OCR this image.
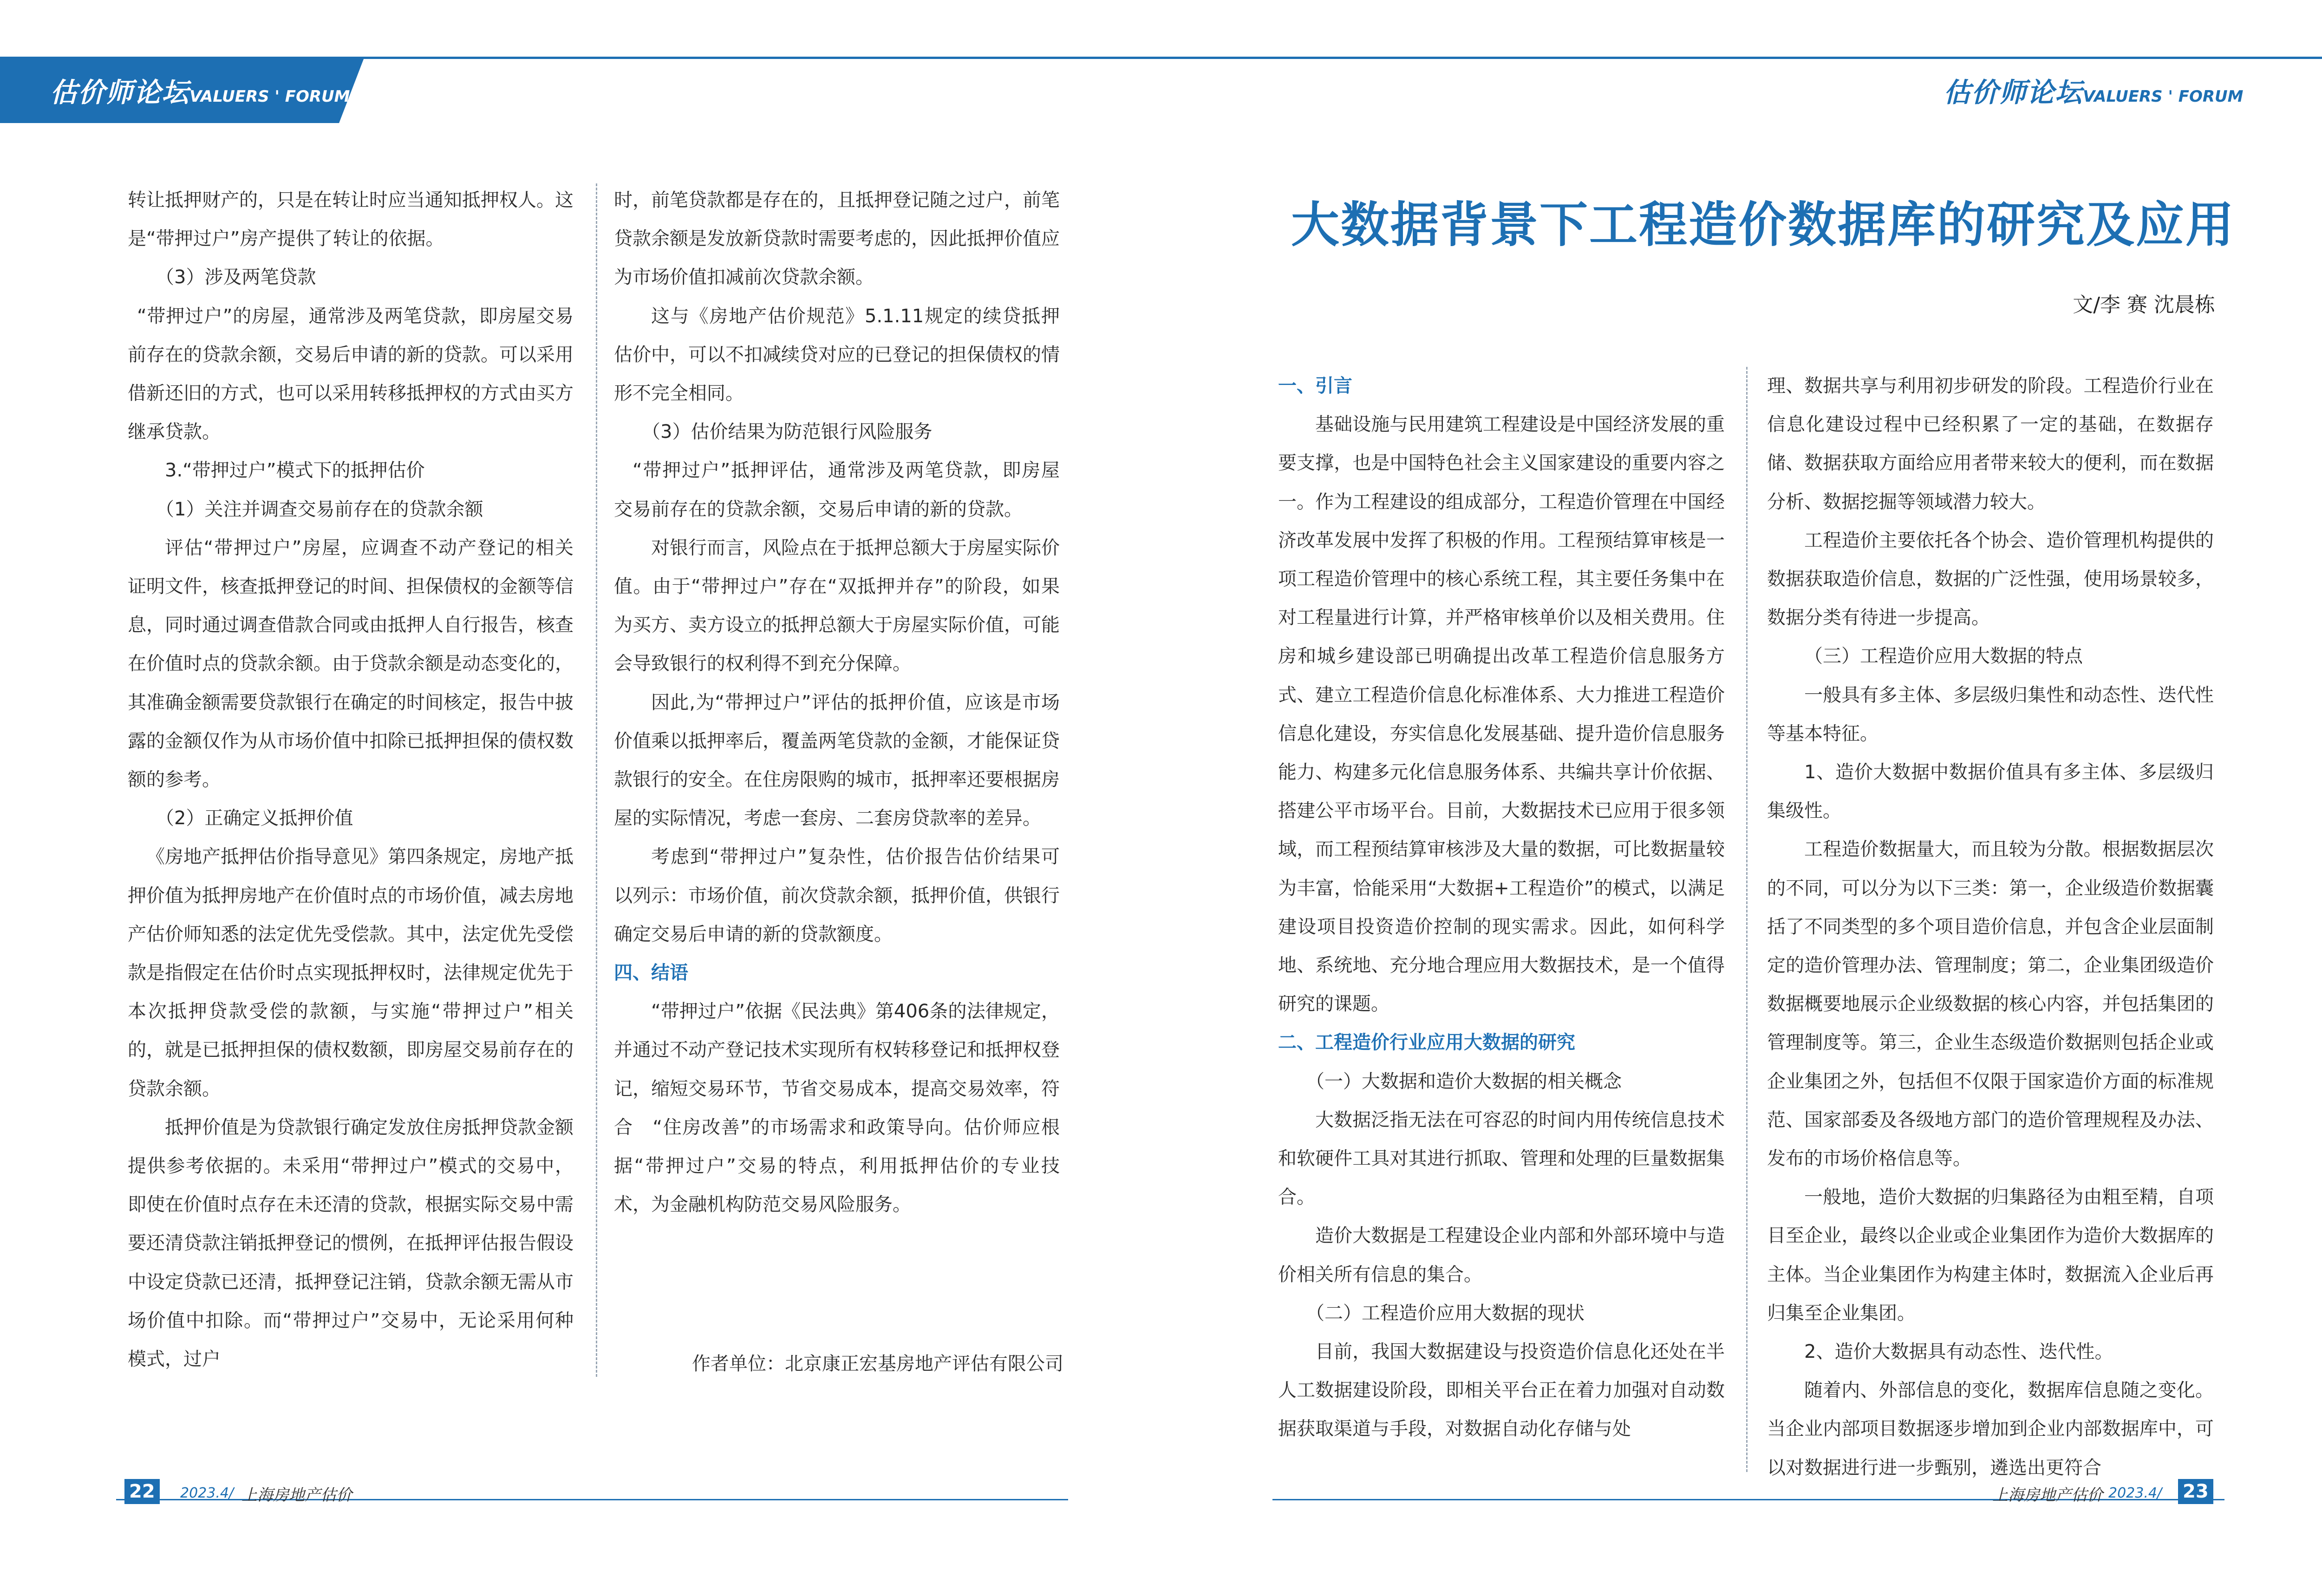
估价师论坛VALUERS ' FORUM	估价师论坛VALUERS ' FORUM

转让抵押财产的，只是在转让时应当通知抵押权人。这是“带押过户”房产提供了转让的依据。

（3）涉及两笔贷款

“带押过户”的房屋，通常涉及两笔贷款，即房屋交易前存在的贷款余额，交易后申请的新的贷款。可以采用借新还旧的方式，也可以采用转移抵押权的方式由买方继承贷款。

3.“带押过户”模式下的抵押估价

（1）关注并调查交易前存在的贷款余额

评估“带押过户”房屋，应调查不动产登记的相关证明文件，核查抵押登记的时间、担保债权的金额等信息，同时通过调查借款合同或由抵押人自行报告，核查在价值时点的贷款余额。由于贷款余额是动态变化的，其准确金额需要贷款银行在确定的时间核定，报告中披露的金额仅作为从市场价值中扣除已抵押担保的债权数额的参考。

（2）正确定义抵押价值

《房地产抵押估价指导意见》第四条规定，房地产抵押价值为抵押房地产在价值时点的市场价值，减去房地产估价师知悉的法定优先受偿款。其中，法定优先受偿款是指假定在估价时点实现抵押权时，法律规定优先于本次抵押贷款受偿的款额，与实施“带押过户”相关的，就是已抵押担保的债权数额，即房屋交易前存在的贷款余额。

抵押价值是为贷款银行确定发放住房抵押贷款金额提供参考依据的。未采用“带押过户”模式的交易中，即使在价值时点存在未还清的贷款，根据实际交易中需要还清贷款注销抵押登记的惯例，在抵押评估报告假设中设定贷款已还清，抵押登记注销，贷款余额无需从市场价值中扣除。而“带押过户”交易中，无论采用何种模式，过户

时，前笔贷款都是存在的，且抵押登记随之过户，前笔贷款余额是发放新贷款时需要考虑的，因此抵押价值应为市场价值扣减前次贷款余额。

这与《房地产估价规范》5.1.11规定的续贷抵押估价中，可以不扣减续贷对应的已登记的担保债权的情形不完全相同。

（3）估价结果为防范银行风险服务

“带押过户”抵押评估，通常涉及两笔贷款，即房屋交易前存在的贷款余额，交易后申请的新的贷款。

对银行而言，风险点在于抵押总额大于房屋实际价值。由于“带押过户”存在“双抵押并存”的阶段，如果为买方、卖方设立的抵押总额大于房屋实际价值，可能会导致银行的权利得不到充分保障。

因此,为“带押过户”评估的抵押价值，应该是市场价值乘以抵押率后，覆盖两笔贷款的金额，才能保证贷款银行的安全。在住房限购的城市，抵押率还要根据房屋的实际情况，考虑一套房、二套房贷款率的差异。

考虑到“带押过户”复杂性，估价报告估价结果可以列示：市场价值，前次贷款余额，抵押价值，供银行确定交易后申请的新的贷款额度。

四、结语

“带押过户”依据《民法典》第406条的法律规定，并通过不动产登记技术实现所有权转移登记和抵押权登记，缩短交易环节，节省交易成本，提高交易效率，符合　“住房改善”的市场需求和政策导向。估价师应根据“带押过户”交易的特点，利用抵押估价的专业技术，为金融机构防范交易风险服务。

作者单位：北京康正宏基房地产评估有限公司
22	2023.4/ 上海房地产估价
大数据背景下工程造价数据库的研究及应用
文/李 赛 沈晨栋

一、引言

基础设施与民用建筑工程建设是中国经济发展的重要支撑，也是中国特色社会主义国家建设的重要内容之一。作为工程建设的组成部分，工程造价管理在中国经济改革发展中发挥了积极的作用。工程预结算审核是一项工程造价管理中的核心系统工程，其主要任务集中在对工程量进行计算，并严格审核单价以及相关费用。住房和城乡建设部已明确提出改革工程造价信息服务方式、建立工程造价信息化标准体系、大力推进工程造价信息化建设，夯实信息化发展基础、提升造价信息服务能力、构建多元化信息服务体系、共编共享计价依据、搭建公平市场平台。目前，大数据技术已应用于很多领域，而工程预结算审核涉及大量的数据，可比数据量较为丰富，恰能采用“大数据+工程造价”的模式，以满足建设项目投资造价控制的现实需求。因此，如何科学地、系统地、充分地合理应用大数据技术，是一个值得研究的课题。

二、工程造价行业应用大数据的研究

（一）大数据和造价大数据的相关概念

大数据泛指无法在可容忍的时间内用传统信息技术和软硬件工具对其进行抓取、管理和处理的巨量数据集合。

造价大数据是工程建设企业内部和外部环境中与造价相关所有信息的集合。

（二）工程造价应用大数据的现状

目前，我国大数据建设与投资造价信息化还处在半人工数据建设阶段，即相关平台正在着力加强对自动数据获取渠道与手段，对数据自动化存储与处

理、数据共享与利用初步研发的阶段。工程造价行业在信息化建设过程中已经积累了一定的基础，在数据存储、数据获取方面给应用者带来较大的便利，而在数据分析、数据挖掘等领域潜力较大。

工程造价主要依托各个协会、造价管理机构提供的数据获取造价信息，数据的广泛性强，使用场景较多，数据分类有待进一步提高。

（三）工程造价应用大数据的特点

一般具有多主体、多层级归集性和动态性、迭代性等基本特征。

1、造价大数据中数据价值具有多主体、多层级归集级性。

工程造价数据量大，而且较为分散。根据数据层次的不同，可以分为以下三类：第一，企业级造价数据囊括了不同类型的多个项目造价信息，并包含企业层面制定的造价管理办法、管理制度；第二，企业集团级造价数据概要地展示企业级数据的核心内容，并包括集团的管理制度等。第三，企业生态级造价数据则包括企业或企业集团之外，包括但不仅限于国家造价方面的标准规范、国家部委及各级地方部门的造价管理规程及办法、发布的市场价格信息等。

一般地，造价大数据的归集路径为由粗至精，自项目至企业，最终以企业或企业集团作为造价大数据库的主体。当企业集团作为构建主体时，数据流入企业后再归集至企业集团。

2、造价大数据具有动态性、迭代性。

随着内、外部信息的变化，数据库信息随之变化。当企业内部项目数据逐步增加到企业内部数据库中，可以对数据进行进一步甄别，遴选出更符合

上海房地产估价 2023.4/ 23
